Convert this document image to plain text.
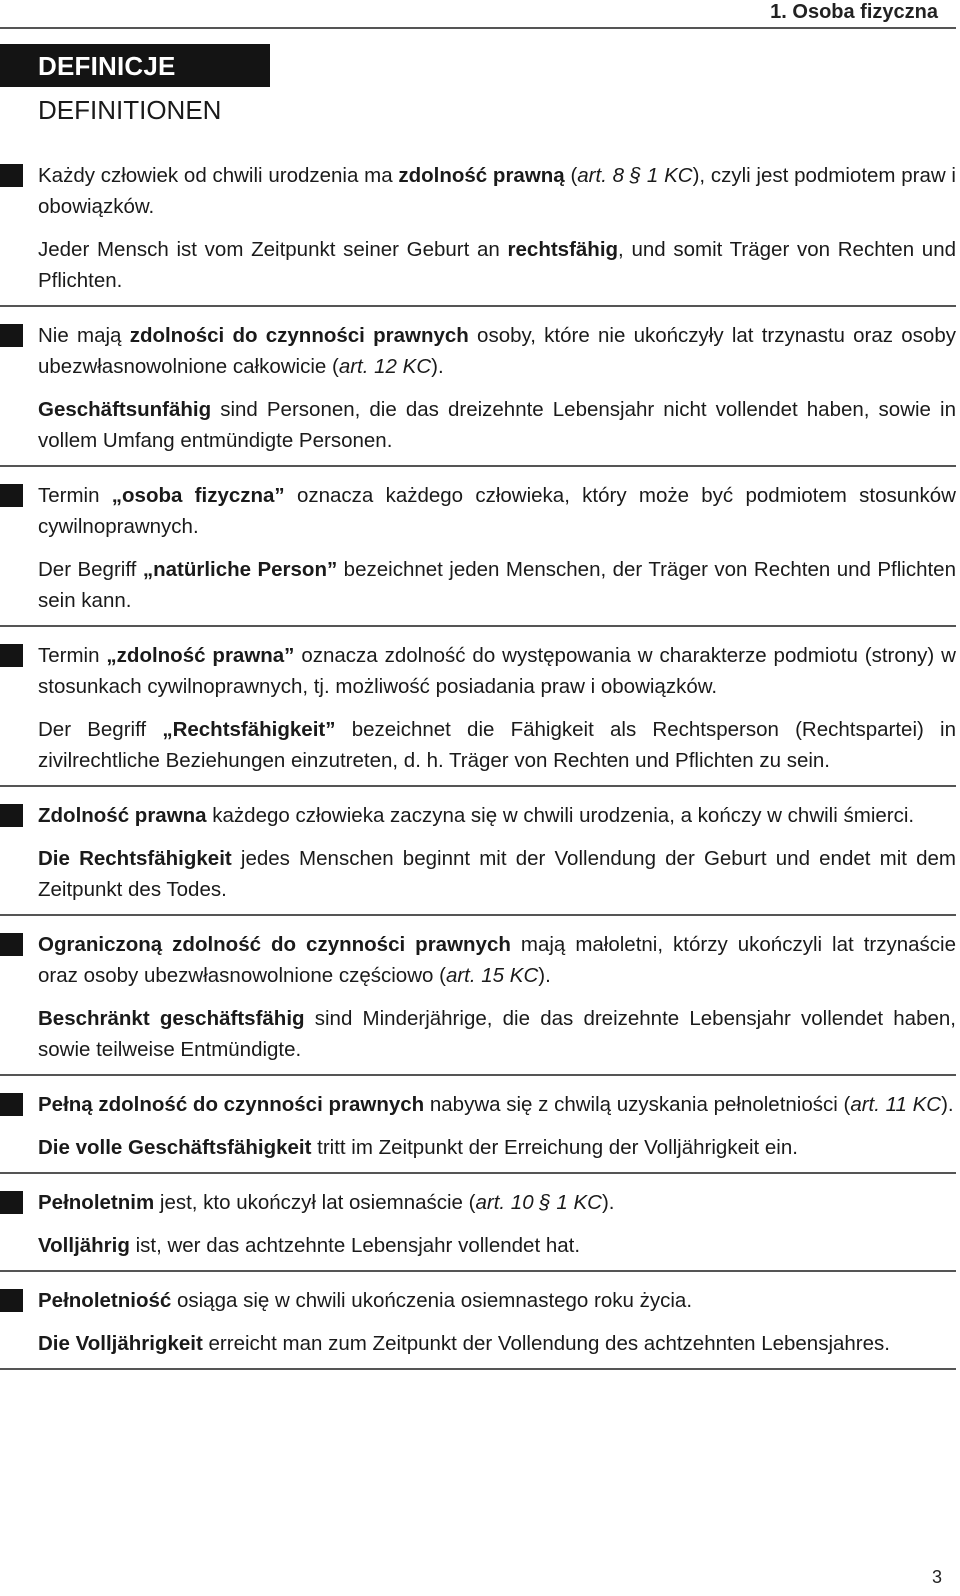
1. Osoba fizyczna
DEFINICJE
DEFINITIONEN

Każdy człowiek od chwili urodzenia ma zdolność prawną (art. 8 § 1 KC), czyli jest podmiotem praw i obowiązków.

Jeder Mensch ist vom Zeitpunkt seiner Geburt an rechtsfähig, und somit Träger von Rechten und Pflichten.

Nie mają zdolności do czynności prawnych osoby, które nie ukończyły lat trzynastu oraz osoby ubezwłasnowolnione całkowicie (art. 12 KC).

Geschäftsunfähig sind Personen, die das dreizehnte Lebensjahr nicht vollendet haben, sowie in vollem Umfang entmündigte Personen.

Termin „osoba fizyczna” oznacza każdego człowieka, który może być podmiotem stosunków cywilnoprawnych.

Der Begriff „natürliche Person” bezeichnet jeden Menschen, der Träger von Rechten und Pflichten sein kann.

Termin „zdolność prawna” oznacza zdolność do występowania w charakterze podmiotu (strony) w stosunkach cywilnoprawnych, tj. możliwość posiadania praw i obowiązków.

Der Begriff „Rechtsfähigkeit” bezeichnet die Fähigkeit als Rechtsperson (Rechtspartei) in zivilrechtliche Beziehungen einzutreten, d. h. Träger von Rechten und Pflichten zu sein.

Zdolność prawna każdego człowieka zaczyna się w chwili urodzenia, a kończy w chwili śmierci.

Die Rechtsfähigkeit jedes Menschen beginnt mit der Vollendung der Geburt und endet mit dem Zeitpunkt des Todes.

Ograniczoną zdolność do czynności prawnych mają małoletni, którzy ukończyli lat trzynaście oraz osoby ubezwłasnowolnione częściowo (art. 15 KC).

Beschränkt geschäftsfähig sind Minderjährige, die das dreizehnte Lebensjahr vollendet haben, sowie teilweise Entmündigte.

Pełną zdolność do czynności prawnych nabywa się z chwilą uzyskania pełnoletniości (art. 11 KC).

Die volle Geschäftsfähigkeit tritt im Zeitpunkt der Erreichung der Volljährigkeit ein.

Pełnoletnim jest, kto ukończył lat osiemnaście (art. 10 § 1 KC).

Volljährig ist, wer das achtzehnte Lebensjahr vollendet hat.

Pełnoletniość osiąga się w chwili ukończenia osiemnastego roku życia.

Die Volljährigkeit erreicht man zum Zeitpunkt der Vollendung des achtzehnten Lebensjahres.

3
